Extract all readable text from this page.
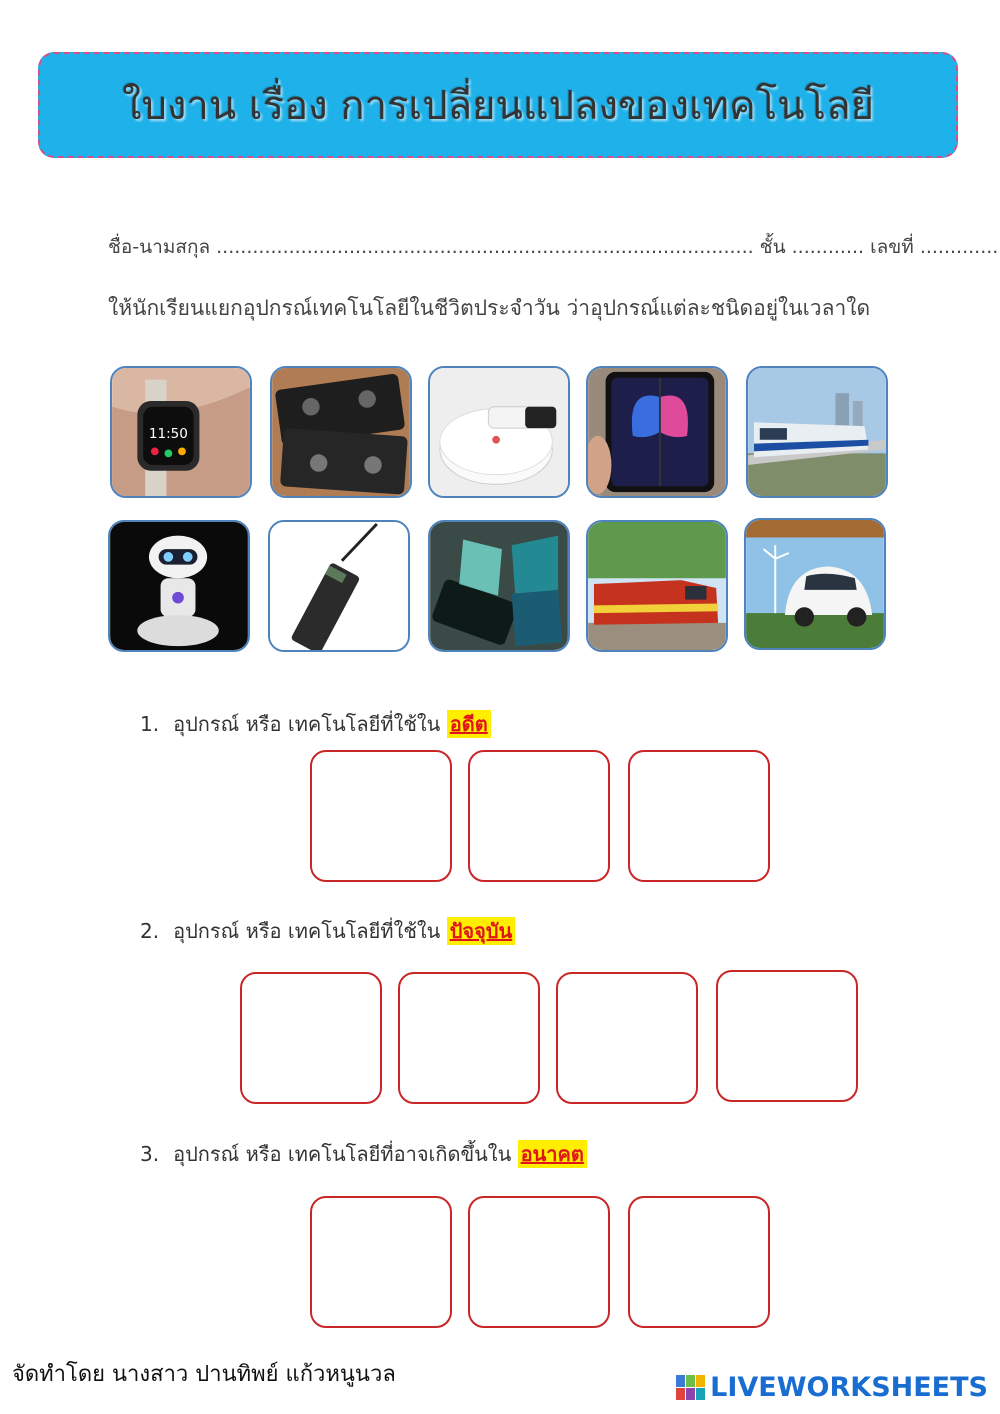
ใบงาน เรื่อง การเปลี่ยนแปลงของเทคโนโลยี
ชื่อ-นามสกุล ......................................................................................... ชั้น ............ เลขที่ .............
ให้นักเรียนแยกอุปกรณ์เทคโนโลยีในชีวิตประจำวัน ว่าอุปกรณ์แต่ละชนิดอยู่ในเวลาใด
11:50
1. อุปกรณ์ หรือ เทคโนโลยีที่ใช้ใน อดีต
2. อุปกรณ์ หรือ เทคโนโลยีที่ใช้ใน ปัจจุบัน
3. อุปกรณ์ หรือ เทคโนโลยีที่อาจเกิดขึ้นใน อนาคต
จัดทำโดย นางสาว ปานทิพย์ แก้วหนูนวล	LIVEWORKSHEETS
